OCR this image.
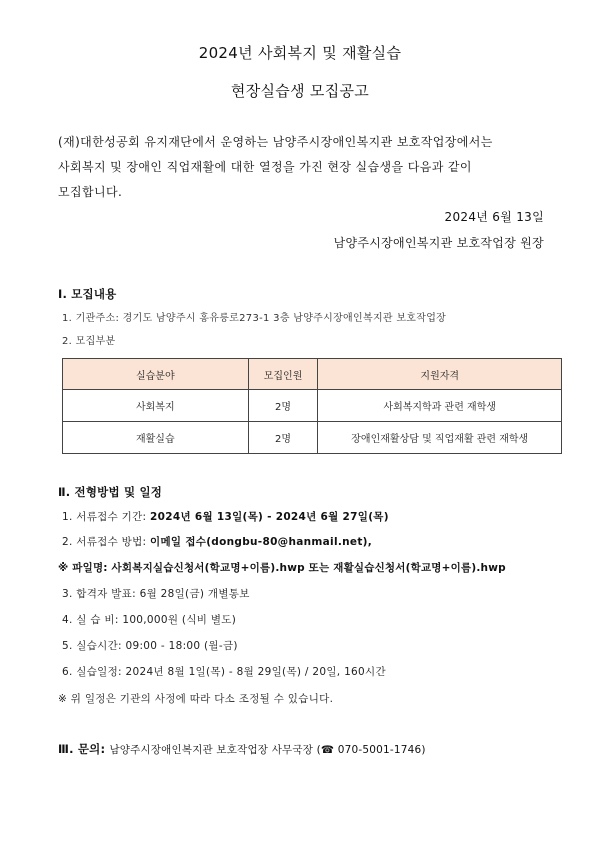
2024년 사회복지 및 재활실습
현장실습생 모집공고
(재)대한성공회 유지재단에서 운영하는 남양주시장애인복지관 보호작업장에서는
사회복지 및 장애인 직업재활에 대한 열정을 가진 현장 실습생을 다음과 같이
모집합니다.
2024년 6월 13일
남양주시장애인복지관 보호작업장 원장
Ⅰ. 모집내용
1. 기관주소: 경기도 남양주시 홍유릉로273-1 3층 남양주시장애인복지관 보호작업장
2. 모집부분
실습분야	모집인원	지원자격
사회복지	2명	사회복지학과 관련 재학생
재활실습	2명	장애인재활상담 및 직업재활 관련 재학생
Ⅱ. 전형방법 및 일정
1. 서류접수 기간: 2024년 6월 13일(목) - 2024년 6월 27일(목)
2. 서류접수 방법: 이메일 접수(dongbu-80@hanmail.net),
※ 파일명: 사회복지실습신청서(학교명+이름).hwp 또는 재활실습신청서(학교명+이름).hwp
3. 합격자 발표: 6월 28일(금) 개별통보
4. 실 습 비: 100,000원 (식비 별도)
5. 실습시간: 09:00 - 18:00 (월-금)
6. 실습일정: 2024년 8월 1일(목) - 8월 29일(목) / 20일, 160시간
※ 위 일정은 기관의 사정에 따라 다소 조정될 수 있습니다.
Ⅲ. 문의: 남양주시장애인복지관 보호작업장 사무국장 (☎ 070-5001-1746)
